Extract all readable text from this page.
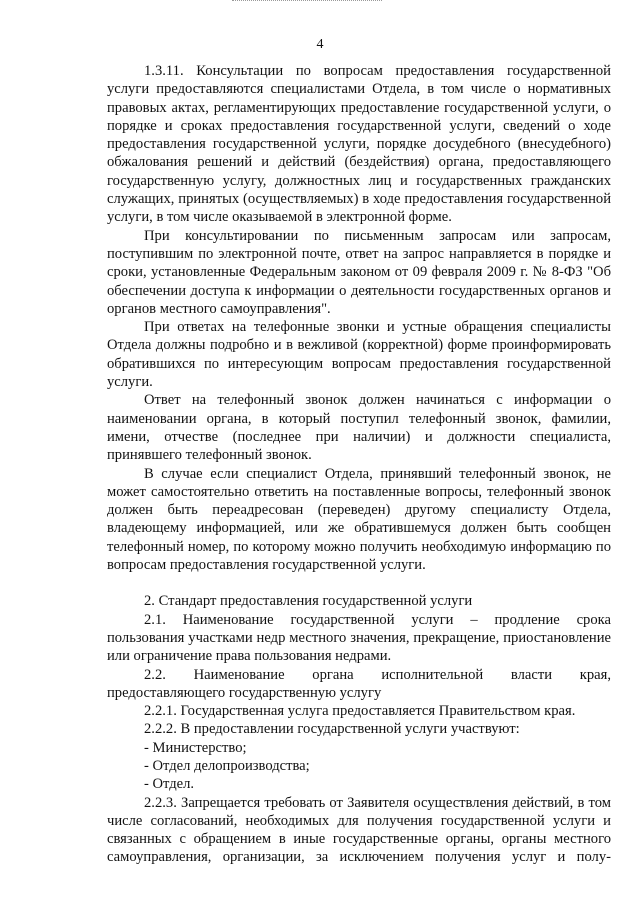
4

1.3.11. Консультации по вопросам предоставления государственной услуги предоставляются специалистами Отдела, в том числе о нормативных правовых актах, регламентирующих предоставление государственной услуги, о порядке и сроках предоставления государственной услуги, сведений о ходе предоставления государственной услуги, порядке досудебного (внесудебного) обжалования решений и действий (бездействия) органа, предоставляющего государственную услугу, должностных лиц и государственных гражданских служащих, принятых (осуществляемых) в ходе предоставления государственной услуги, в том числе оказываемой в электронной форме.

При консультировании по письменным запросам или запросам, поступившим по электронной почте, ответ на запрос направляется в порядке и сроки, установленные Федеральным законом от 09 февраля 2009 г. № 8-ФЗ "Об обеспечении доступа к информации о деятельности государственных органов и органов местного самоуправления".

При ответах на телефонные звонки и устные обращения специалисты Отдела должны подробно и в вежливой (корректной) форме проинформировать обратившихся по интересующим вопросам предоставления государственной услуги.

Ответ на телефонный звонок должен начинаться с информации о наименовании органа, в который поступил телефонный звонок, фамилии, имени, отчестве (последнее при наличии) и должности специалиста, принявшего телефонный звонок.

В случае если специалист Отдела, принявший телефонный звонок, не может самостоятельно ответить на поставленные вопросы, телефонный звонок должен быть переадресован (переведен) другому специалисту Отдела, владеющему информацией, или же обратившемуся должен быть сообщен телефонный номер, по которому можно получить необходимую информацию по вопросам предоставления государственной услуги.

2. Стандарт предоставления государственной услуги

2.1. Наименование государственной услуги – продление срока пользования участками недр местного значения, прекращение, приостановление или ограничение права пользования недрами.

2.2. Наименование органа исполнительной власти края, предоставляющего государственную услугу

2.2.1. Государственная услуга предоставляется Правительством края.

2.2.2. В предоставлении государственной услуги участвуют:

- Министерство;

- Отдел делопроизводства;

- Отдел.

2.2.3. Запрещается требовать от Заявителя осуществления действий, в том числе согласований, необходимых для получения государственной услуги и связанных с обращением в иные государственные органы, органы местного самоуправления, организации, за исключением получения услуг и полу-
